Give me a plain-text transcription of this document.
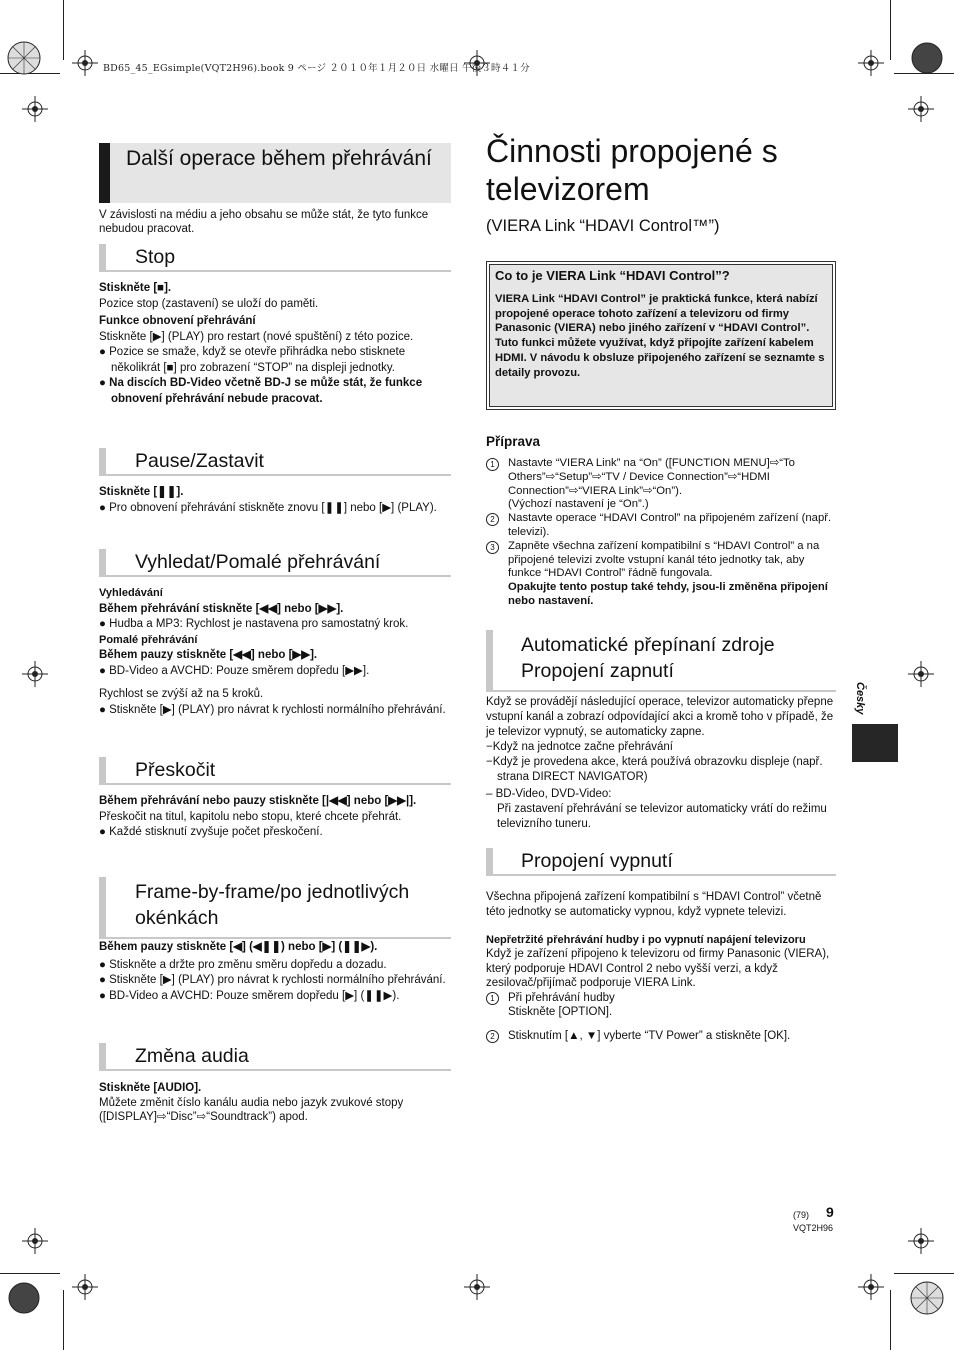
BD65_45_EGsimple(VQT2H96).book 9 ページ ２０１０年１月２０日 水曜日 午後３時４１分
Další operace během přehrávání
V závislosti na médiu a jeho obsahu se může stát, že tyto funkce nebudou pracovat.
Stop

Stiskněte [■].

Pozice stop (zastavení) se uloží do paměti.

Funkce obnovení přehrávání

Stiskněte [▶] (PLAY) pro restart (nové spuštění) z této pozice.

● Pozice se smaže, když se otevře přihrádka nebo stisknete několikrát [■] pro zobrazení “STOP” na displeji jednotky.

● Na discích BD-Video včetně BD-J se může stát, že funkce obnovení přehrávání nebude pracovat.

Pause/Zastavit

Stiskněte [❚❚].

● Pro obnovení přehrávání stiskněte znovu [❚❚] nebo [▶] (PLAY).

Vyhledat/Pomalé přehrávání

Vyhledávání

Během přehrávání stiskněte [◀◀] nebo [▶▶].

● Hudba a MP3: Rychlost je nastavena pro samostatný krok.

Pomalé přehrávání

Během pauzy stiskněte [◀◀] nebo [▶▶].

● BD-Video a AVCHD: Pouze směrem dopředu [▶▶].

Rychlost se zvýší až na 5 kroků.

● Stiskněte [▶] (PLAY) pro návrat k rychlosti normálního přehrávání.

Přeskočit

Během přehrávání nebo pauzy stiskněte [|◀◀] nebo [▶▶|].

Přeskočit na titul, kapitolu nebo stopu, které chcete přehrát.

● Každé stisknutí zvyšuje počet přeskočení.

Frame-by-frame/po jednotlivých okénkách

Během pauzy stiskněte [◀] (◀❚❚) nebo [▶] (❚❚▶).

● Stiskněte a držte pro změnu směru dopředu a dozadu.

● Stiskněte [▶] (PLAY) pro návrat k rychlosti normálního přehrávání.

● BD-Video a AVCHD: Pouze směrem dopředu [▶] (❚❚▶).

Změna audia

Stiskněte [AUDIO].

Můžete změnit číslo kanálu audia nebo jazyk zvukové stopy ([DISPLAY]⇨“Disc”⇨“Soundtrack”) apod.

Činnosti propojené s televizorem
(VIERA Link “HDAVI Control™”)
Co to je VIERA Link “HDAVI Control”?
VIERA Link “HDAVI Control” je praktická funkce, která nabízí propojené operace tohoto zařízení a televizoru od firmy Panasonic (VIERA) nebo jiného zařízení v “HDAVI Control”.
Tuto funkci můžete využívat, když připojíte zařízení kabelem HDMI. V návodu k obsluze připojeného zařízení se seznamte s detaily provozu.
Příprava
1	Nastavte “VIERA Link” na “On” ([FUNCTION MENU]⇨“To Others”⇨“Setup”⇨“TV / Device Connection”⇨“HDMI Connection”⇨“VIERA Link”⇨“On”).
(Výchozí nastavení je “On”.)
2	Nastavte operace “HDAVI Control” na připojeném zařízení (např. televizi).
3	Zapněte všechna zařízení kompatibilní s “HDAVI Control” a na připojené televizi zvolte vstupní kanál této jednotky tak, aby funkce “HDAVI Control” řádně fungovala.
Opakujte tento postup také tehdy, jsou-li změněna připojení nebo nastavení.
Automatické přepínaní zdroje Propojení zapnutí

Když se provádějí následující operace, televizor automaticky přepne vstupní kanál a zobrazí odpovídající akci a kromě toho v případě, že je televizor vypnutý, se automaticky zapne.

−Když na jednotce začne přehrávání

−Když je provedena akce, která používá obrazovku displeje (např. strana DIRECT NAVIGATOR)

– BD-Video, DVD-Video:

Při zastavení přehrávání se televizor automaticky vrátí do režimu televizního tuneru.

Propojení vypnutí

Všechna připojená zařízení kompatibilní s “HDAVI Control” včetně této jednotky se automaticky vypnou, když vypnete televizi.

Nepřetržité přehrávání hudby i po vypnutí napájení televizoru

Když je zařízení připojeno k televizoru od firmy Panasonic (VIERA), který podporuje HDAVI Control 2 nebo vyšší verzi, a když zesilovač/přijímač podporuje VIERA Link.

1	Při přehrávání hudby
Stiskněte [OPTION].
2	Stisknutím [▲, ▼] vyberte “TV Power” a stiskněte [OK].
Česky
(79) 9
VQT2H96
